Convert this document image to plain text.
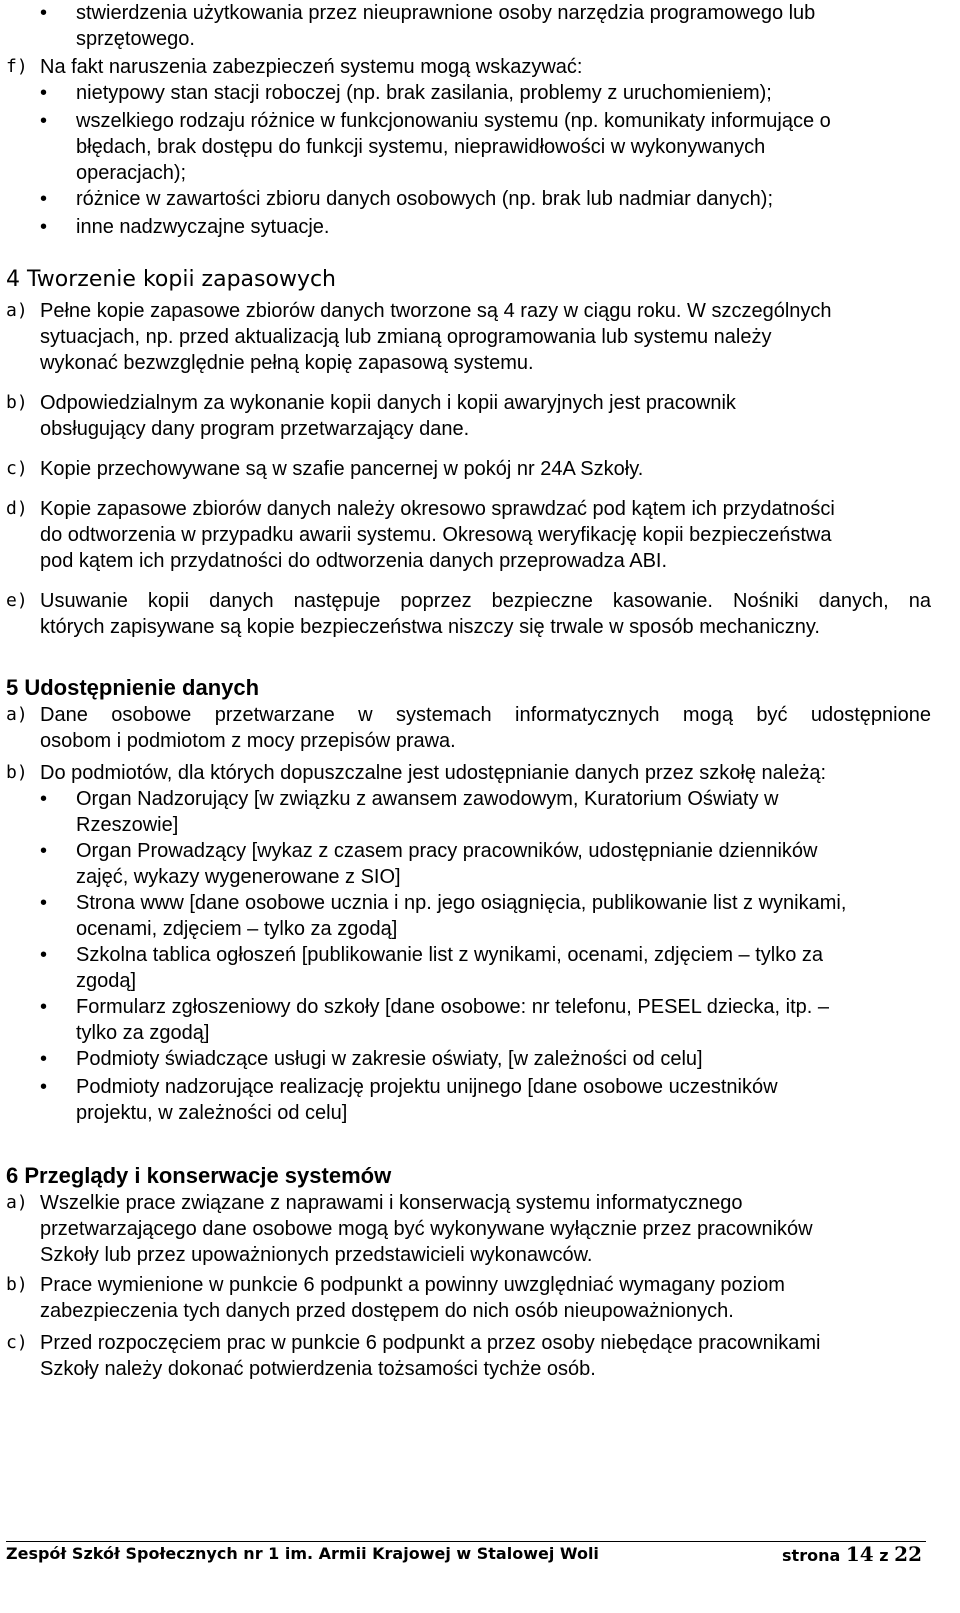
• stwierdzenia użytkowania przez nieuprawnione osoby narzędzia programowego lub
sprzętowego.
f) Na fakt naruszenia zabezpieczeń systemu mogą wskazywać:
• nietypowy stan stacji roboczej (np. brak zasilania, problemy z uruchomieniem);
• wszelkiego rodzaju różnice w funkcjonowaniu systemu (np. komunikaty informujące o
błędach, brak dostępu do funkcji systemu, nieprawidłowości w wykonywanych
operacjach);
• różnice w zawartości zbioru danych osobowych (np. brak lub nadmiar danych);
• inne nadzwyczajne sytuacje.
4 Tworzenie kopii zapasowych
a) Pełne kopie zapasowe zbiorów danych tworzone są 4 razy w ciągu roku. W szczególnych
sytuacjach, np. przed aktualizacją lub zmianą oprogramowania lub systemu należy
wykonać bezwzględnie pełną kopię zapasową systemu.
b) Odpowiedzialnym za wykonanie kopii danych i kopii awaryjnych jest pracownik
obsługujący dany program przetwarzający dane.
c) Kopie przechowywane są w szafie pancernej w pokój nr 24A Szkoły.
d) Kopie zapasowe zbiorów danych należy okresowo sprawdzać pod kątem ich przydatności
do odtworzenia w przypadku awarii systemu. Okresową weryfikację kopii bezpieczeństwa
pod kątem ich przydatności do odtworzenia danych przeprowadza ABI.
e) Usuwanie kopii danych następuje poprzez bezpieczne kasowanie. Nośniki danych, na
których zapisywane są kopie bezpieczeństwa niszczy się trwale w sposób mechaniczny.
5 Udostępnienie danych
a) Dane osobowe przetwarzane w systemach informatycznych mogą być udostępnione
osobom i podmiotom z mocy przepisów prawa.
b) Do podmiotów, dla których dopuszczalne jest udostępnianie danych przez szkołę należą:
• Organ Nadzorujący [w związku z awansem zawodowym, Kuratorium Oświaty w
Rzeszowie]
• Organ Prowadzący [wykaz z czasem pracy pracowników, udostępnianie dzienników
zajęć, wykazy wygenerowane z SIO]
• Strona www [dane osobowe ucznia i np. jego osiągnięcia, publikowanie list z wynikami,
ocenami, zdjęciem – tylko za zgodą]
• Szkolna tablica ogłoszeń [publikowanie list z wynikami, ocenami, zdjęciem – tylko za
zgodą]
• Formularz zgłoszeniowy do szkoły [dane osobowe: nr telefonu, PESEL dziecka, itp. –
tylko za zgodą]
• Podmioty świadczące usługi w zakresie oświaty, [w zależności od celu]
• Podmioty nadzorujące realizację projektu unijnego [dane osobowe uczestników
projektu, w zależności od celu]
6 Przeglądy i konserwacje systemów
a) Wszelkie prace związane z naprawami i konserwacją systemu informatycznego
przetwarzającego dane osobowe mogą być wykonywane wyłącznie przez pracowników
Szkoły lub przez upoważnionych przedstawicieli wykonawców.
b) Prace wymienione w punkcie 6 podpunkt a powinny uwzględniać wymagany poziom
zabezpieczenia tych danych przed dostępem do nich osób nieupoważnionych.
c) Przed rozpoczęciem prac w punkcie 6 podpunkt a przez osoby niebędące pracownikami
Szkoły należy dokonać potwierdzenia tożsamości tychże osób.
Zespół Szkół Społecznych nr 1 im. Armii Krajowej w Stalowej Woli	strona 14 z 22
